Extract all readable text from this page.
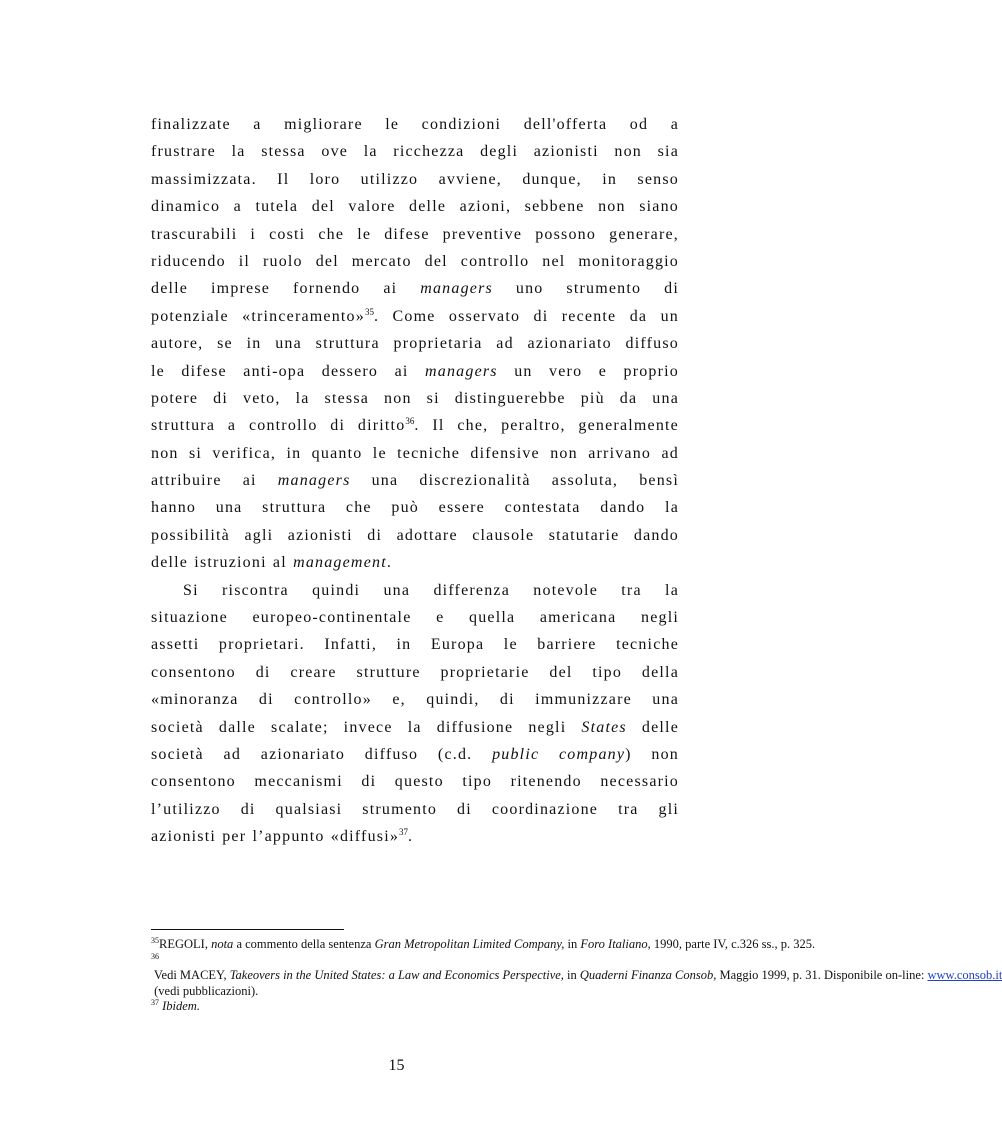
finalizzate a migliorare le condizioni dell'offerta od a
frustrare la stessa ove la ricchezza degli azionisti non sia
massimizzata. Il loro utilizzo avviene, dunque, in senso
dinamico a tutela del valore delle azioni, sebbene non siano
trascurabili i costi che le difese preventive possono generare,
riducendo il ruolo del mercato del controllo nel monitoraggio
delle imprese fornendo ai managers uno strumento di
potenziale «trinceramento»$^{35}$. Come osservato di recente da un
autore, se in una struttura proprietaria ad azionariato diffuso
le difese anti-opa dessero ai managers un vero e proprio
potere di veto, la stessa non si distinguerebbe più da una
struttura a controllo di diritto$^{36}$. Il che, peraltro, generalmente
non si verifica, in quanto le tecniche difensive non arrivano ad
attribuire ai managers una discrezionalità assoluta, bensì
hanno una struttura che può essere contestata dando la
possibilità agli azionisti di adottare clausole statutarie dando
delle istruzioni al management.
Si riscontra quindi una differenza notevole tra la
situazione europeo-continentale e quella americana negli
assetti proprietari. Infatti, in Europa le barriere tecniche
consentono di creare strutture proprietarie del tipo della
«minoranza di controllo» e, quindi, di immunizzare una
società dalle scalate; invece la diffusione negli States delle
società ad azionariato diffuso (c.d. public company) non
consentono meccanismi di questo tipo ritenendo necessario
l’utilizzo di qualsiasi strumento di coordinazione tra gli
azionisti per l’appunto «diffusi»$^{37}$.
$^{35}$REGOLI, nota a commento della sentenza Gran Metropolitan Limited Company, in Foro Italiano, 1990, parte IV, c.326 ss., p. 325.
$^{36}$ Vedi MACEY, Takeovers in the United States: a Law and Economics Perspective, in Quaderni Finanza Consob, Maggio 1999, p. 31. Disponibile on-line: www.consob.it (vedi pubblicazioni).
$^{37}$ Ibidem.
15
